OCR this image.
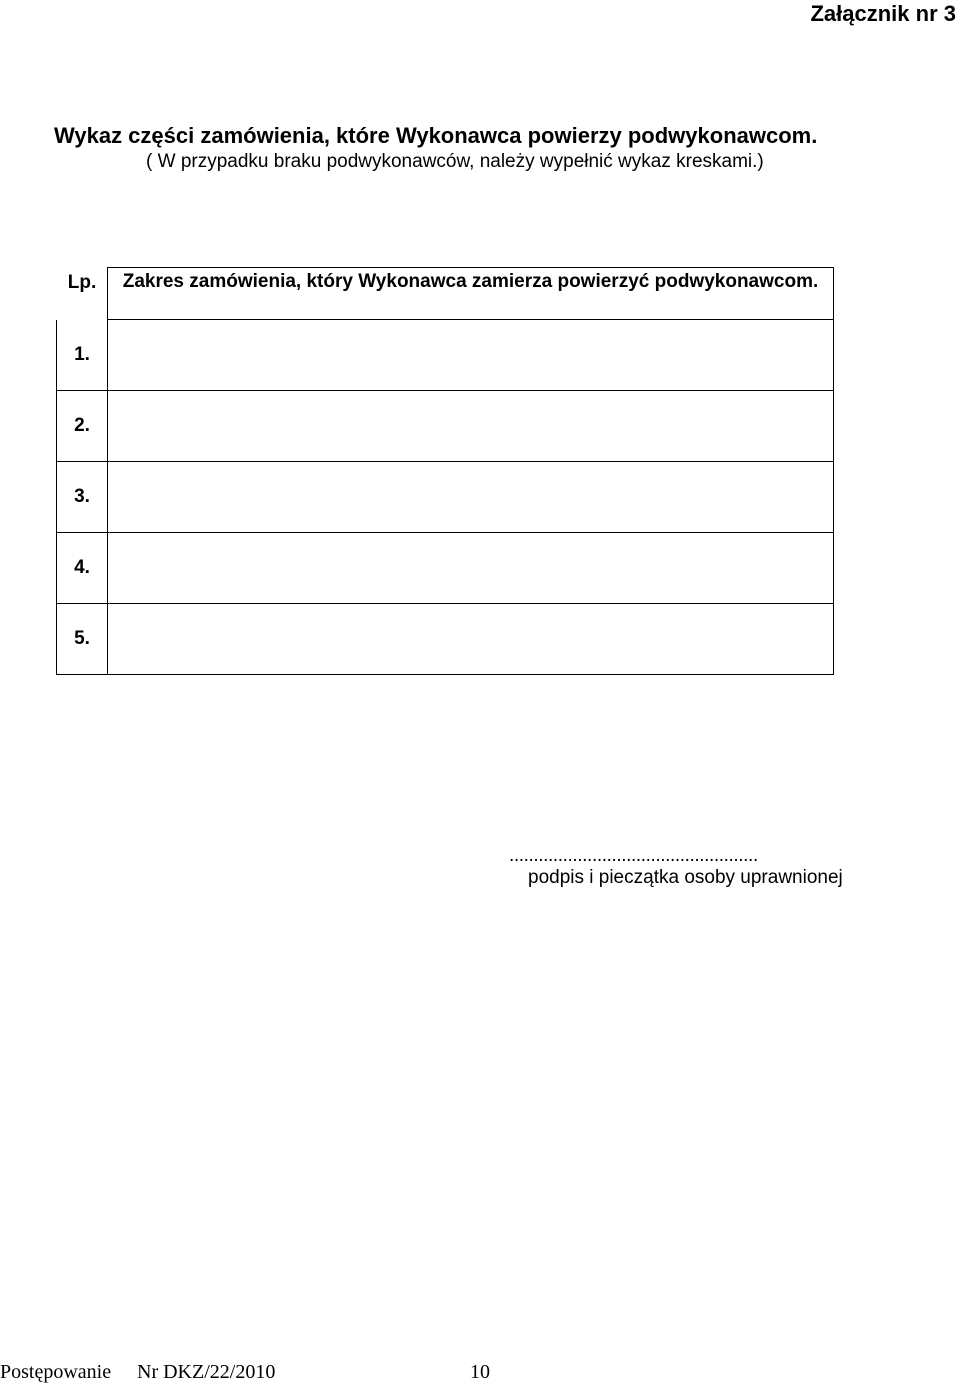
Załącznik nr 3
Wykaz części zamówienia, które Wykonawca powierzy podwykonawcom.
( W przypadku braku podwykonawców, należy wypełnić wykaz kreskami.)
Lp.	Zakres zamówienia, który Wykonawca zamierza powierzyć podwykonawcom.
1.	
2.	
3.	
4.	
5.	
...................................................
podpis i pieczątka osoby uprawnionej
Postępowanie Nr DKZ/22/2010	10
